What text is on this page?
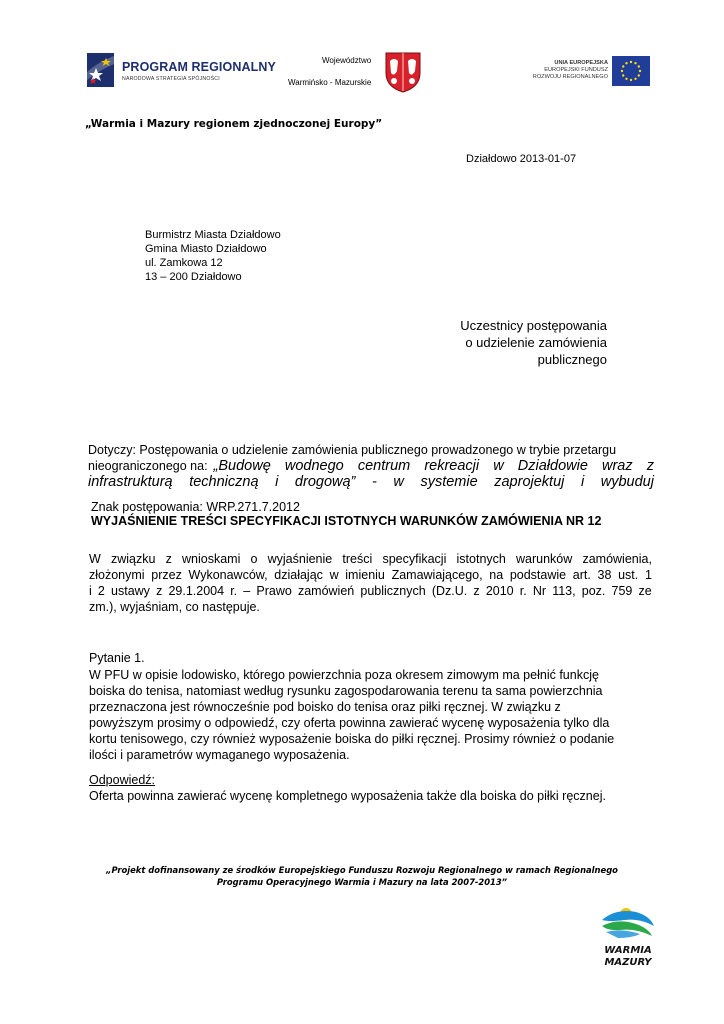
PROGRAM REGIONALNY
NARODOWA STRATEGIA SPÓJNOŚCI
Województwo
Warmińsko - Mazurskie
UNIA EUROPEJSKA
EUROPEJSKI FUNDUSZ
ROZWOJU REGIONALNEGO
„Warmia i Mazury regionem zjednoczonej Europy”
Działdowo 2013-01-07
Burmistrz Miasta Działdowo
Gmina Miasto Działdowo
ul. Zamkowa 12
13 – 200 Działdowo
Uczestnicy postępowania
o udzielenie zamówienia
publicznego
Dotyczy: Postępowania o udzielenie zamówienia publicznego prowadzonego w trybie przetargu
nieograniczonego na: „Budowę wodnego centrum rekreacji w Działdowie wraz z
infrastrukturą techniczną i drogową” - w systemie zaprojektuj i wybuduj
Znak postępowania: WRP.271.7.2012
WYJAŚNIENIE TREŚCI SPECYFIKACJI ISTOTNYCH WARUNKÓW ZAMÓWIENIA NR 12
W związku z wnioskami o wyjaśnienie treści specyfikacji istotnych warunków zamówienia,
złożonymi przez Wykonawców, działając w imieniu Zamawiającego, na podstawie art. 38 ust. 1
i 2 ustawy z 29.1.2004 r. – Prawo zamówień publicznych (Dz.U. z 2010 r. Nr 113, poz. 759 ze
zm.), wyjaśniam, co następuje.
Pytanie 1.
W PFU w opisie lodowisko, którego powierzchnia poza okresem zimowym ma pełnić funkcję
boiska do tenisa, natomiast według rysunku zagospodarowania terenu ta sama powierzchnia
przeznaczona jest równocześnie pod boisko do tenisa oraz piłki ręcznej. W związku z
powyższym prosimy o odpowiedź, czy oferta powinna zawierać wycenę wyposażenia tylko dla
kortu tenisowego, czy również wyposażenie boiska do piłki ręcznej. Prosimy również o podanie
ilości i parametrów wymaganego wyposażenia.
Odpowiedź:
Oferta powinna zawierać wycenę kompletnego wyposażenia także dla boiska do piłki ręcznej.
„Projekt dofinansowany ze środków Europejskiego Funduszu Rozwoju Regionalnego w ramach Regionalnego
Programu Operacyjnego Warmia i Mazury na lata 2007-2013”
WARMIA
MAZURY
